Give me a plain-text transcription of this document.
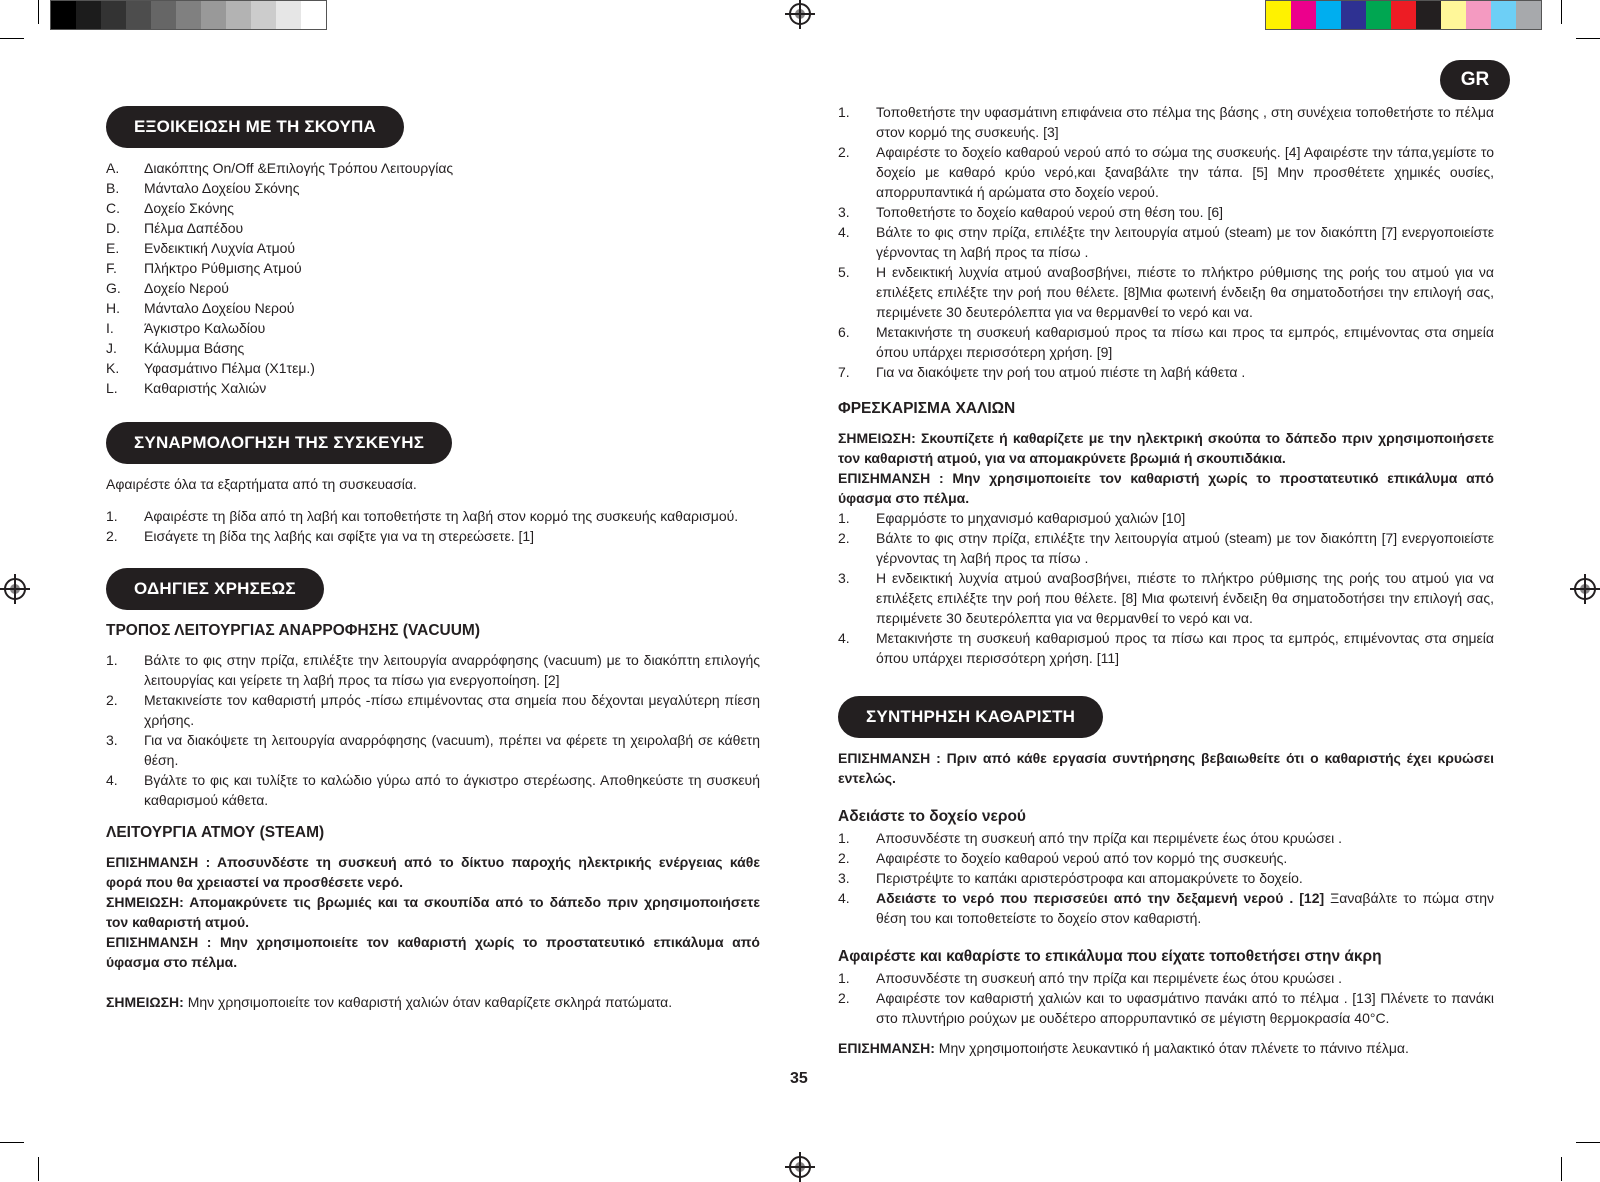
GR
ΕΞΟΙΚΕΙΩΣΗ ΜΕ ΤΗ ΣΚΟΥΠΑ
A.	Διακόπτης On/Off &Επιλογής Τρόπου Λειτουργίας
B.	Μάνταλο Δοχείου Σκόνης
C.	Δοχείο Σκόνης
D.	Πέλμα Δαπέδου
E.	Ενδεικτική Λυχνία Ατμού
F.	Πλήκτρο Ρύθμισης Ατμού
G.	Δοχείο Νερού
H.	Μάνταλο Δοχείου Νερού
I.	Άγκιστρο Καλωδίου
J.	Κάλυμμα Βάσης
K.	Υφασμάτινο Πέλμα (Χ1τεμ.)
L.	Καθαριστής Χαλιών
ΣΥΝΑΡΜΟΛΟΓΗΣΗ ΤΗΣ ΣΥΣΚΕΥΗΣ

Αφαιρέστε όλα τα εξαρτήματα από τη συσκευασία.

1.	Αφαιρέστε τη βίδα από τη λαβή και τοποθετήστε τη λαβή στον κορμό της συσκευής καθαρισμού.
2.	Εισάγετε τη βίδα της λαβής και σφίξτε για να τη στερεώσετε. [1]
ΟΔΗΓΙΕΣ ΧΡΗΣΕΩΣ
ΤΡΟΠΟΣ ΛΕΙΤΟΥΡΓΙΑΣ ΑΝΑΡΡΟΦΗΣΗΣ (VACUUM)
1.	Βάλτε το φις στην πρίζα, επιλέξτε την λειτουργία αναρρόφησης (vacuum) με το διακόπτη επιλογής λειτουργίας και γείρετε τη λαβή προς τα πίσω για ενεργοποίηση. [2]
2.	Μετακινείστε τον καθαριστή μπρός -πίσω επιμένοντας στα σημεία που δέχονται μεγαλύτερη πίεση χρήσης.
3.	Για να διακόψετε τη λειτουργία αναρρόφησης (vacuum), πρέπει να φέρετε τη χειρολαβή σε κάθετη θέση.
4.	Βγάλτε το φις και τυλίξτε το καλώδιο γύρω από το άγκιστρο στερέωσης. Αποθηκεύστε τη συσκευή καθαρισμού κάθετα.
ΛΕΙΤΟΥΡΓΙΑ ΑΤΜΟΥ (STEAM)

ΕΠΙΣΗΜΑΝΣΗ : Αποσυνδέστε τη συσκευή από το δίκτυο παροχής ηλεκτρικής ενέργειας κάθε φορά που θα χρειαστεί να προσθέσετε νερό.

ΣΗΜΕΙΩΣΗ: Απομακρύνετε τις βρωμιές και τα σκουπίδα από το δάπεδο πριν χρησιμοποιήσετε τον καθαριστή ατμού.

ΕΠΙΣΗΜΑΝΣΗ : Μην χρησιμοποιείτε τον καθαριστή χωρίς το προστατευτικό επικάλυμα από ύφασμα στο πέλμα.

ΣΗΜΕΙΩΣΗ: Μην χρησιμοποιείτε τον καθαριστή χαλιών όταν καθαρίζετε σκληρά πατώματα.

1.	Τοποθετήστε την υφασμάτινη επιφάνεια στο πέλμα της βάσης , στη συνέχεια τοποθετήστε το πέλμα στον κορμό της συσκευής. [3]
2.	Αφαιρέστε το δοχείο καθαρού νερού από το σώμα της συσκευής. [4] Αφαιρέστε την τάπα,γεμίστε το δοχείο με καθαρό κρύο νερό,και ξαναβάλτε την τάπα. [5] Μην προσθέτετε χημικές ουσίες, απορρυπαντικά ή αρώματα στο δοχείο νερού.
3.	Τοποθετήστε το δοχείο καθαρού νερού στη θέση του. [6]
4.	Βάλτε το φις στην πρίζα, επιλέξτε την λειτουργία ατμού (steam) με τον διακόπτη [7] ενεργοποιείστε γέρνοντας τη λαβή προς τα πίσω .
5.	Η ενδεικτική λυχνία ατμού αναβοσβήνει, πιέστε το πλήκτρο ρύθμισης της ροής του ατμού για να επιλέξετς επιλέξτε την ροή που θέλετε. [8]Μια φωτεινή ένδειξη θα σηματοδοτήσει την επιλογή σας, περιμένετε 30 δευτερόλεπτα για να θερμανθεί το νερό και να.
6.	Μετακινήστε τη συσκευή καθαρισμού προς τα πίσω και προς τα εμπρός, επιμένοντας στα σημεία όπου υπάρχει περισσότερη χρήση. [9]
7.	Για να διακόψετε την ροή του ατμού πιέστε τη λαβή κάθετα .
ΦΡΕΣΚΑΡΙΣΜΑ ΧΑΛΙΩΝ

ΣΗΜΕΙΩΣΗ: Σκουπίζετε ή καθαρίζετε με την ηλεκτρική σκούπα το δάπεδο πριν χρησιμοποιήσετε τον καθαριστή ατμού, για να απομακρύνετε βρωμιά ή σκουπιδάκια.

ΕΠΙΣΗΜΑΝΣΗ : Μην χρησιμοποιείτε τον καθαριστή χωρίς το προστατευτικό επικάλυμα από ύφασμα στο πέλμα.

1.	Εφαρμόστε το μηχανισμό καθαρισμού χαλιών [10]
2.	Βάλτε το φις στην πρίζα, επιλέξτε την λειτουργία ατμού (steam) με τον διακόπτη [7] ενεργοποιείστε γέρνοντας τη λαβή προς τα πίσω .
3.	Η ενδεικτική λυχνία ατμού αναβοσβήνει, πιέστε το πλήκτρο ρύθμισης της ροής του ατμού για να επιλέξετς επιλέξτε την ροή που θέλετε. [8] Μια φωτεινή ένδειξη θα σηματοδοτήσει την επιλογή σας, περιμένετε 30 δευτερόλεπτα για να θερμανθεί το νερό και να.
4.	Μετακινήστε τη συσκευή καθαρισμού προς τα πίσω και προς τα εμπρός, επιμένοντας στα σημεία όπου υπάρχει περισσότερη χρήση. [11]
ΣΥΝΤΗΡΗΣΗ ΚΑΘΑΡΙΣΤΗ

ΕΠΙΣΗΜΑΝΣΗ : Πριν από κάθε εργασία συντήρησης βεβαιωθείτε ότι ο καθαριστής έχει κρυώσει εντελώς.

Αδειάστε το δοχείο νερού
1.	Αποσυνδέστε τη συσκευή από την πρίζα και περιμένετε έως ότου κρυώσει .
2.	Αφαιρέστε το δοχείο καθαρού νερού από τον κορμό της συσκευής.
3.	Περιστρέψτε το καπάκι αριστερόστροφα και απομακρύνετε το δοχείο.
4.	Αδειάστε το νερό που περισσεύει από την δεξαμενή νερού . [12] Ξαναβάλτε το πώμα στην θέση του και τοποθετείστε το δοχείο στον καθαριστή.
Αφαιρέστε και καθαρίστε το επικάλυμα που είχατε τοποθετήσει στην άκρη
1.	Αποσυνδέστε τη συσκευή από την πρίζα και περιμένετε έως ότου κρυώσει .
2.	Αφαιρέστε τον καθαριστή χαλιών και το υφασμάτινο πανάκι από το πέλμα . [13] Πλένετε το πανάκι στο πλυντήριο ρούχων με ουδέτερο απορρυπαντικό σε μέγιστη θερμοκρασία 40°C.

ΕΠΙΣΗΜΑΝΣΗ: Μην χρησιμοποιήστε λευκαντικό ή μαλακτικό όταν πλένετε το πάνινο πέλμα.

35
